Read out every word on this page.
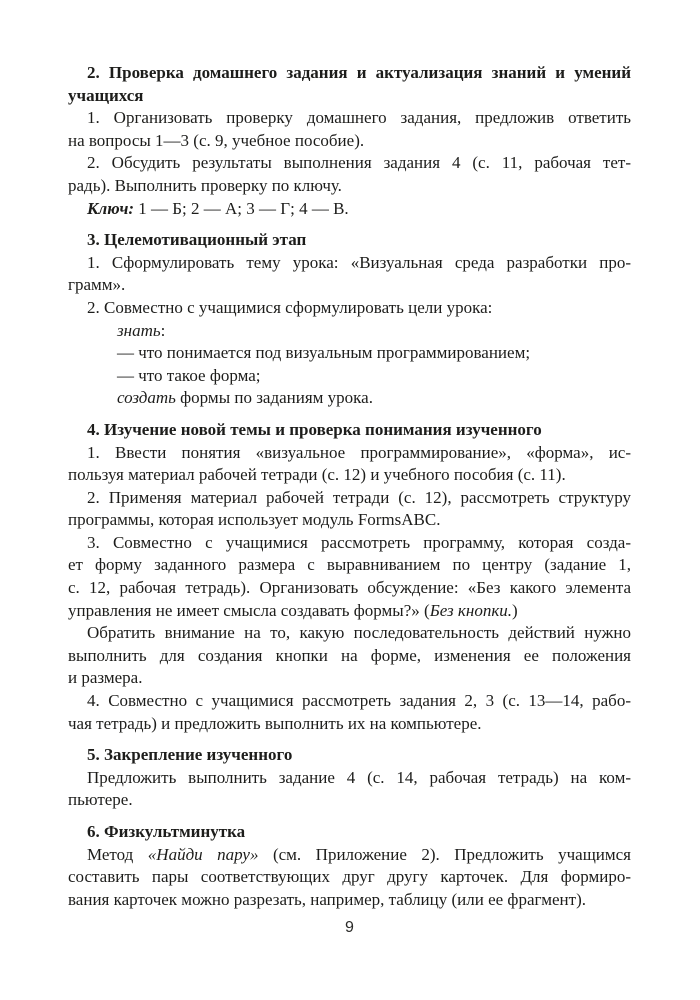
2. Проверка домашнего задания и актуализация знаний и умений
учащихся
1. Организовать проверку домашнего задания, предложив ответить
на вопросы 1—3 (с. 9, учебное пособие).
2. Обсудить результаты выполнения задания 4 (с. 11, рабочая тет-
радь). Выполнить проверку по ключу.
Ключ: 1 — Б; 2 — А; 3 — Г; 4 — В.
3. Целемотивационный этап
1. Сформулировать тему урока: «Визуальная среда разработки про-
грамм».
2. Совместно с учащимися сформулировать цели урока:
знать:
— что понимается под визуальным программированием;
— что такое форма;
создать формы по заданиям урока.
4. Изучение новой темы и проверка понимания изученного
1. Ввести понятия «визуальное программирование», «форма», ис-
пользуя материал рабочей тетради (с. 12) и учебного пособия (с. 11).
2. Применяя материал рабочей тетради (с. 12), рассмотреть структуру
программы, которая использует модуль FormsABC.
3. Совместно с учащимися рассмотреть программу, которая созда-
ет форму заданного размера с выравниванием по центру (задание 1,
с. 12, рабочая тетрадь). Организовать обсуждение: «Без какого элемента
управления не имеет смысла создавать формы?» (Без кнопки.)
Обратить внимание на то, какую последовательность действий нужно
выполнить для создания кнопки на форме, изменения ее положения
и размера.
4. Совместно с учащимися рассмотреть задания 2, 3 (с. 13—14, рабо-
чая тетрадь) и предложить выполнить их на компьютере.
5. Закрепление изученного
Предложить выполнить задание 4 (с. 14, рабочая тетрадь) на ком-
пьютере.
6. Физкультминутка
Метод «Найди пару» (см. Приложение 2). Предложить учащимся
составить пары соответствующих друг другу карточек. Для формиро-
вания карточек можно разрезать, например, таблицу (или ее фрагмент).
9
